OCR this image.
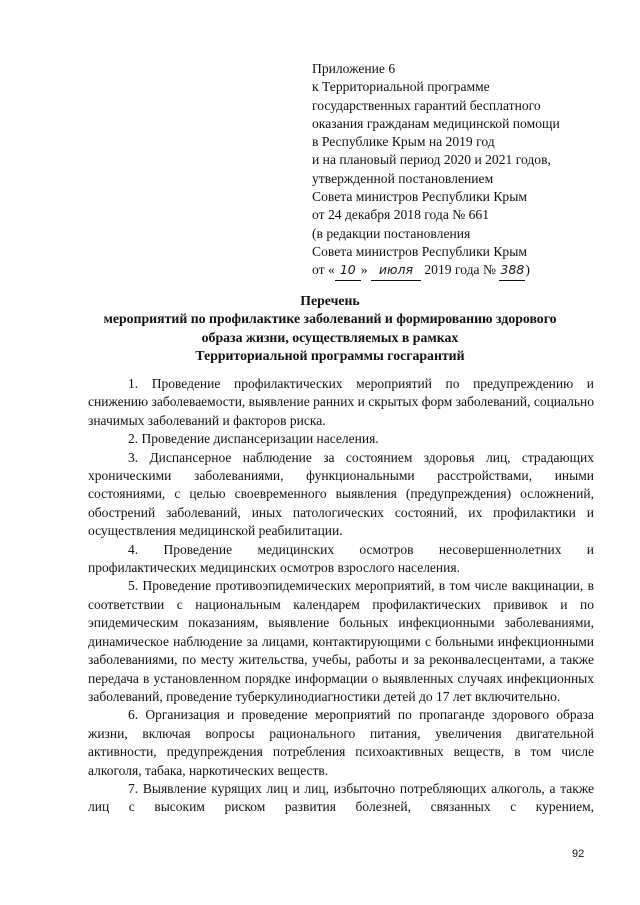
Приложение 6
к Территориальной программе
государственных гарантий бесплатного
оказания гражданам медицинской помощи
в Республике Крым на 2019 год
и на плановый период 2020 и 2021 годов,
утвержденной постановлением
Совета министров Республики Крым
от 24 декабря 2018 года № 661
(в редакции постановления
Совета министров Республики Крым
от « 10 » июля 2019 года № 388)
Перечень
мероприятий по профилактике заболеваний и формированию здорового
образа жизни, осуществляемых в рамках
Территориальной программы госгарантий

1. Проведение профилактических мероприятий по предупреждению и снижению заболеваемости, выявление ранних и скрытых форм заболеваний, социально значимых заболеваний и факторов риска.

2. Проведение диспансеризации населения.

3. Диспансерное наблюдение за состоянием здоровья лиц, страдающих хроническими заболеваниями, функциональными расстройствами, иными состояниями, с целью своевременного выявления (предупреждения) осложнений, обострений заболеваний, иных патологических состояний, их профилактики и осуществления медицинской реабилитации.

4. Проведение медицинских осмотров несовершеннолетних и профилактических медицинских осмотров взрослого населения.

5. Проведение противоэпидемических мероприятий, в том числе вакцинации, в соответствии с национальным календарем профилактических прививок и по эпидемическим показаниям, выявление больных инфекционными заболеваниями, динамическое наблюдение за лицами, контактирующими с больными инфекционными заболеваниями, по месту жительства, учебы, работы и за реконвалесцентами, а также передача в установленном порядке информации о выявленных случаях инфекционных заболеваний, проведение туберкулинодиагностики детей до 17 лет включительно.

6. Организация и проведение мероприятий по пропаганде здорового образа жизни, включая вопросы рационального питания, увеличения двигательной активности, предупреждения потребления психоактивных веществ, в том числе алкоголя, табака, наркотических веществ.

7. Выявление курящих лиц и лиц, избыточно потребляющих алкоголь, а также лиц с высоким риском развития болезней, связанных с курением,

92
